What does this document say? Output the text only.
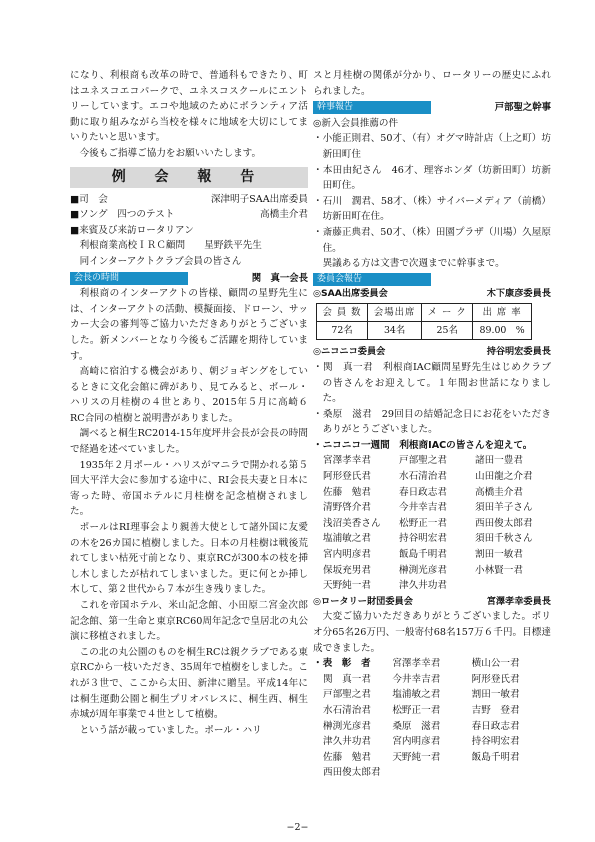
になり、利根商も改革の時で、普通科もできたり、町はユネスコエコパークで、ユネスコスクールにエントリーしています。エコや地域のためにボランティア活動に取り組みながら当校を様々に地域を大切にしてまいりたいと思います。

今後もご指導ご協力をお願いいたします。

例 会 報 告
■司　会	深津明子SAA出席委員
■ソング　四つのテスト	高橋圭介君
■来賓及び来訪ロータリアン

利根商業高校ＩＲＣ顧問　　星野鉄平先生

同インターアクトクラブ会員の皆さん

会長の時間	関　真一会長

利根商のインターアクトの皆様、顧問の星野先生には、インターアクトの活動、模擬面接、ドローン、サッカー大会の審判等ご協力いただきありがとうございました。新メンバーとなり今後もご活躍を期待しています。

高崎に宿泊する機会があり、朝ジョギングをしているときに文化会館に碑があり、見てみると、ボール・ハリスの月桂樹の４世とあり、2015年５月に高崎６RC合同の植樹と説明書がありました。

調べると桐生RC2014-15年度坪井会長が会長の時間で経過を述べていました。

1935年２月ポール・ハリスがマニラで開かれる第５回大平洋大会に参加する途中に、RI会長夫妻と日本に寄った時、帝国ホテルに月桂樹を記念植樹されました。

ポールはRI理事会より親善大使として諸外国に友愛の木を26カ国に植樹しました。日本の月桂樹は戦後荒れてしまい枯死寸前となり、東京RCが300本の枝を挿し木しましたが枯れてしまいました。更に何とか挿し木して、第２世代から７本が生き残りました。

これを帝国ホテル、米山記念館、小田原二宮金次郎記念館、第一生命と東京RC60周年記念で皇居北の丸公演に移植されました。

この北の丸公園のものを桐生RCは親クラブである東京RCから一枝いただき、35周年で植樹をしました。これが３世で、ここから太田、新津に贈呈。平成14年には桐生運動公園と桐生プリオパレスに、桐生西、桐生赤城が周年事業で４世として植樹。

という話が載っていました。ポール・ハリ

スと月桂樹の関係が分かり、ロータリーの歴史にふれられました。

幹事報告	戸部聖之幹事

◎新入会員推薦の件

・小能正則君、50才、（有）オグマ時計店（上之町）坊新田町住

・本田由紀さん　46才、理容ホンダ（坊新田町）坊新田町住。

・石川　潤君、58才、（株）サイバーメディア（前橋）坊新田町在住。

・斎藤正典君、50才、（株）田園プラザ（川場）久屋原住。

異議ある方は文書で次週までに幹事まで。

委員会報告
◎SAA出席委員会	木下康彦委員長
会 員 数	会場出席	メ ー ク	出 席 率
72名	34名	25名	89.00　%
◎ニコニコ委員会	持谷明宏委員長

・関　真一君　利根商IAC顧問星野先生はじめクラブの皆さんをお迎えして。１年間お世話になりました。

・桑原　滋君　29回目の結婚記念日にお花をいただきありがとうございました。

・ニコニコ一週間　利根商IACの皆さんを迎えて。

宮澤孝幸君	戸部聖之君	諸田一豊君
阿形登氏君	水石清治君	山田龍之介君
佐藤　勉君	春日政志君	高橋圭介君
清野啓介君	今井幸吉君	須田羊子さん
浅沼美香さん	松野正一君	西田俊太郎君
塩浦敏之君	持谷明宏君	須田千秋さん
宮内明彦君	飯島千明君	割田一敏君
保坂充男君	榊渕光彦君	小林賢一君
天野純一君	津久井功君
◎ロータリー財団委員会	宮澤孝幸委員長

大変ご協力いただきありがとうございました。ポリオ分65名26万円、一般寄付68名157万６千円。目標達成できました。

・表　彰　者	宮澤孝幸君	横山公一君
関　真一君	今井幸吉君	阿形登氏君
戸部聖之君	塩浦敏之君	割田一敏君
水石清治君	松野正一君	吉野　登君
榊渕光彦君	桑原　滋君	春日政志君
津久井功君	宮内明彦君	持谷明宏君
佐藤　勉君	天野純一君	飯島千明君
西田俊太郎君
−2−
